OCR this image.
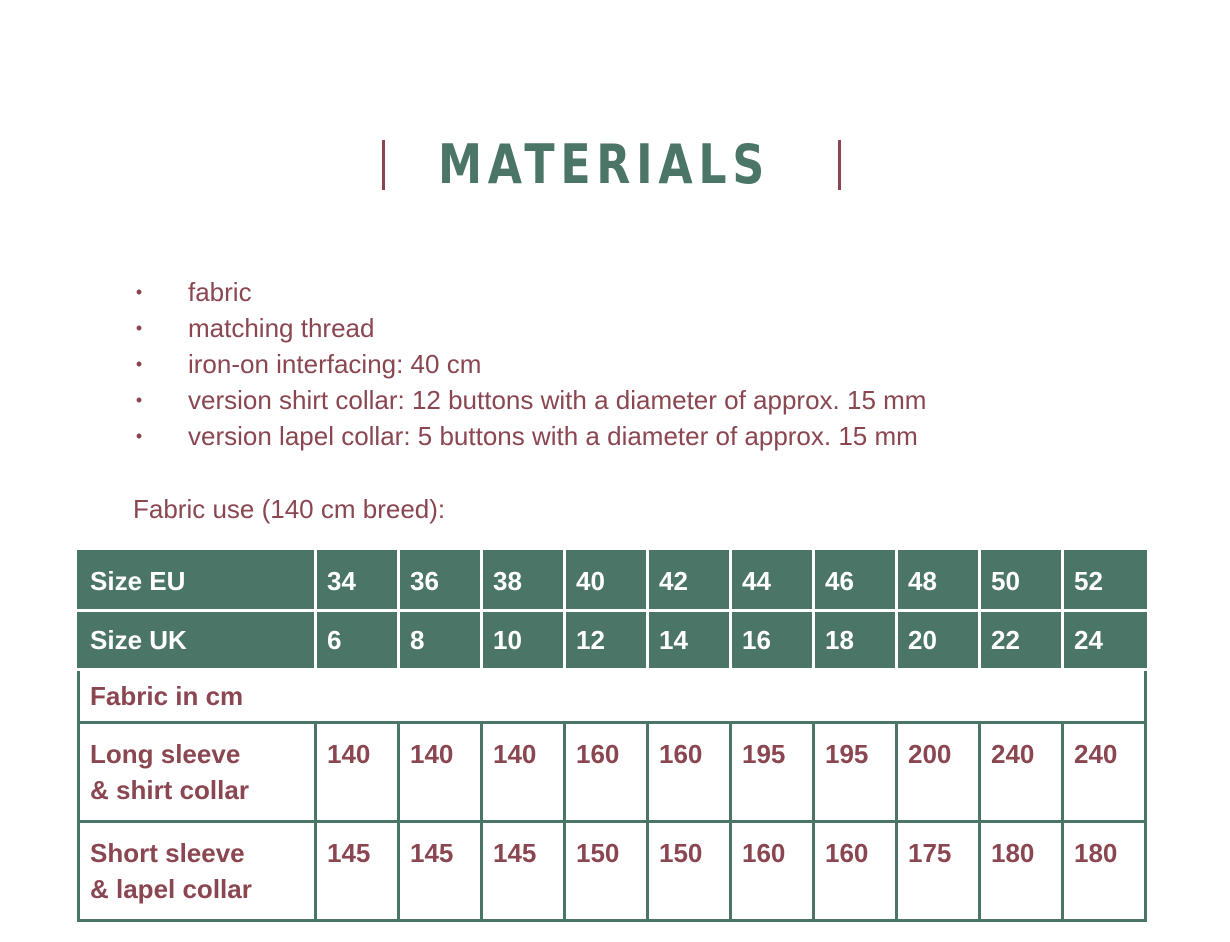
MATERIALS
• fabric
• matching thread
• iron-on interfacing: 40 cm
• version shirt collar: 12 buttons with a diameter of approx. 15 mm
• version lapel collar: 5 buttons with a diameter of approx. 15 mm
Fabric use (140 cm breed):
Size EU	34	36	38	40	42	44	46	48	50	52
Size UK	6	8	10	12	14	16	18	20	22	24
Fabric in cm										
Long sleeve
& shirt collar	140	140	140	160	160	195	195	200	240	240
Short sleeve
& lapel collar	145	145	145	150	150	160	160	175	180	180
